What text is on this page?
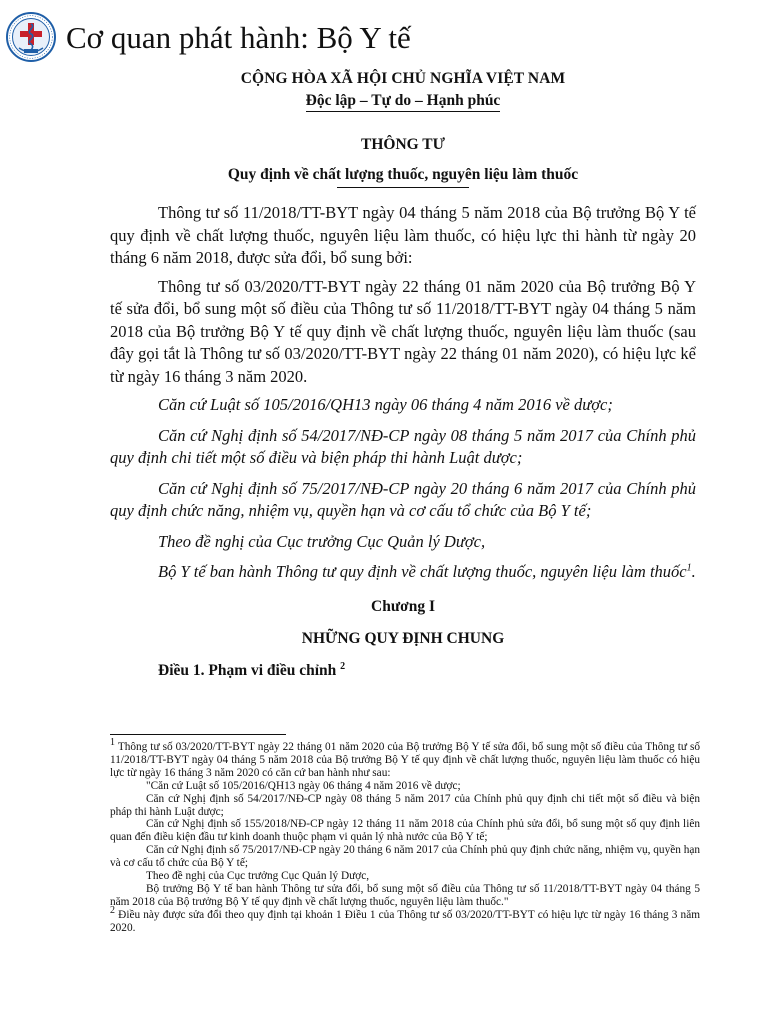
Cơ quan phát hành: Bộ Y tế
CỘNG HÒA XÃ HỘI CHỦ NGHĨA VIỆT NAM
Độc lập – Tự do – Hạnh phúc
THÔNG TƯ
Quy định về chất lượng thuốc, nguyên liệu làm thuốc

Thông tư số 11/2018/TT-BYT ngày 04 tháng 5 năm 2018 của Bộ trưởng Bộ Y tế quy định về chất lượng thuốc, nguyên liệu làm thuốc, có hiệu lực thi hành từ ngày 20 tháng 6 năm 2018, được sửa đổi, bổ sung bởi:

Thông tư số 03/2020/TT-BYT ngày 22 tháng 01 năm 2020 của Bộ trưởng Bộ Y tế sửa đổi, bổ sung một số điều của Thông tư số 11/2018/TT-BYT ngày 04 tháng 5 năm 2018 của Bộ trưởng Bộ Y tế quy định về chất lượng thuốc, nguyên liệu làm thuốc (sau đây gọi tắt là Thông tư số 03/2020/TT-BYT ngày 22 tháng 01 năm 2020), có hiệu lực kể từ ngày 16 tháng 3 năm 2020.

Căn cứ Luật số 105/2016/QH13 ngày 06 tháng 4 năm 2016 về dược;

Căn cứ Nghị định số 54/2017/NĐ-CP ngày 08 tháng 5 năm 2017 của Chính phủ quy định chi tiết một số điều và biện pháp thi hành Luật dược;

Căn cứ Nghị định số 75/2017/NĐ-CP ngày 20 tháng 6 năm 2017 của Chính phủ quy định chức năng, nhiệm vụ, quyền hạn và cơ cấu tổ chức của Bộ Y tế;

Theo đề nghị của Cục trưởng Cục Quản lý Dược,

Bộ Y tế ban hành Thông tư quy định về chất lượng thuốc, nguyên liệu làm thuốc$^1$.

Chương I
NHỮNG QUY ĐỊNH CHUNG
Điều 1. Phạm vi điều chỉnh $^2$

$^1$ Thông tư số 03/2020/TT-BYT ngày 22 tháng 01 năm 2020 của Bộ trưởng Bộ Y tế sửa đổi, bổ sung một số điều của Thông tư số 11/2018/TT-BYT ngày 04 tháng 5 năm 2018 của Bộ trưởng Bộ Y tế quy định về chất lượng thuốc, nguyên liệu làm thuốc có hiệu lực từ ngày 16 tháng 3 năm 2020 có căn cứ ban hành như sau:

"Căn cứ Luật số 105/2016/QH13 ngày 06 tháng 4 năm 2016 về dược;

Căn cứ Nghị định số 54/2017/NĐ-CP ngày 08 tháng 5 năm 2017 của Chính phủ quy định chi tiết một số điều và biện pháp thi hành Luật dược;

Căn cứ Nghị định số 155/2018/NĐ-CP ngày 12 tháng 11 năm 2018 của Chính phủ sửa đổi, bổ sung một số quy định liên quan đến điều kiện đầu tư kinh doanh thuộc phạm vi quản lý nhà nước của Bộ Y tế;

Căn cứ Nghị định số 75/2017/NĐ-CP ngày 20 tháng 6 năm 2017 của Chính phủ quy định chức năng, nhiệm vụ, quyền hạn và cơ cấu tổ chức của Bộ Y tế;

Theo đề nghị của Cục trưởng Cục Quản lý Dược,

Bộ trưởng Bộ Y tế ban hành Thông tư sửa đổi, bổ sung một số điều của Thông tư số 11/2018/TT-BYT ngày 04 tháng 5 năm 2018 của Bộ trưởng Bộ Y tế quy định về chất lượng thuốc, nguyên liệu làm thuốc."

$^2$ Điều này được sửa đổi theo quy định tại khoản 1 Điều 1 của Thông tư số 03/2020/TT-BYT có hiệu lực từ ngày 16 tháng 3 năm 2020.
